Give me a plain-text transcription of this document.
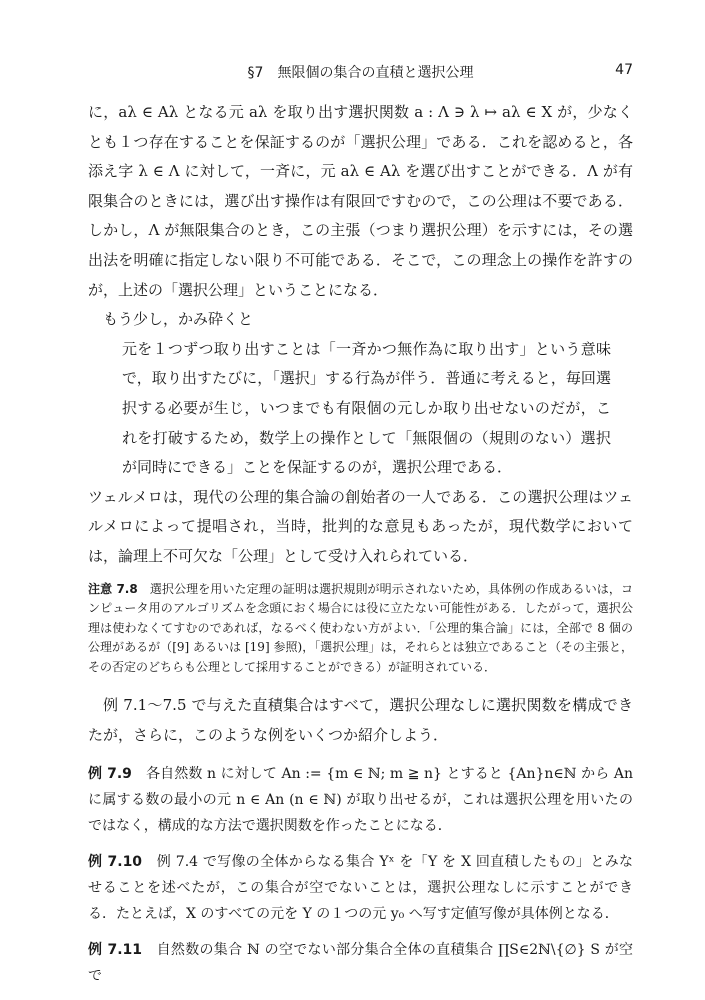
§7　無限個の集合の直積と選択公理	47

に，aλ ∈ Aλ となる元 aλ を取り出す選択関数 a : Λ ∋ λ ↦ aλ ∈ X が，少なくとも１つ存在することを保証するのが「選択公理」である．これを認めると，各添え字 λ ∈ Λ に対して，一斉に，元 aλ ∈ Aλ を選び出すことができる．Λ が有限集合のときには，選び出す操作は有限回ですむので，この公理は不要である．しかし，Λ が無限集合のとき，この主張（つまり選択公理）を示すには，その選出法を明確に指定しない限り不可能である．そこで，この理念上の操作を許すのが，上述の「選択公理」ということになる．

もう少し，かみ砕くと

元を１つずつ取り出すことは「一斉かつ無作為に取り出す」という意味で，取り出すたびに，「選択」する行為が伴う．普通に考えると，毎回選択する必要が生じ，いつまでも有限個の元しか取り出せないのだが，これを打破するため，数学上の操作として「無限個の（規則のない）選択が同時にできる」ことを保証するのが，選択公理である．

ツェルメロは，現代の公理的集合論の創始者の一人である．この選択公理はツェルメロによって提唱され，当時，批判的な意見もあったが，現代数学においては，論理上不可欠な「公理」として受け入れられている．

注意 7.8　 選択公理を用いた定理の証明は選択規則が明示されないため，具体例の作成あるいは，コンピュータ用のアルゴリズムを念頭におく場合には役に立たない可能性がある．したがって，選択公理は使わなくてすむのであれば，なるべく使わない方がよい．「公理的集合論」には，全部で 8 個の公理があるが（[9] あるいは [19] 参照)，「選択公理」は，それらとは独立であること（その主張と，その否定のどちらも公理として採用することができる）が証明されている．

例 7.1〜7.5 で与えた直積集合はすべて，選択公理なしに選択関数を構成できたが，さらに，このような例をいくつか紹介しよう．

例 7.9　 各自然数 n に対して An := {m ∈ ℕ; m ≧ n} とすると {An}n∈ℕ から An に属する数の最小の元 n ∈ An (n ∈ ℕ) が取り出せるが，これは選択公理を用いたのではなく，構成的な方法で選択関数を作ったことになる．

例 7.10　 例 7.4 で写像の全体からなる集合 Yˣ を「Y を X 回直積したもの」とみなせることを述べたが，この集合が空でないことは，選択公理なしに示すことができる．たとえば，X のすべての元を Y の１つの元 y₀ へ写す定値写像が具体例となる．

例 7.11　 自然数の集合 ℕ の空でない部分集合全体の直積集合 ∏S∈2ℕ\{∅} S が空で
